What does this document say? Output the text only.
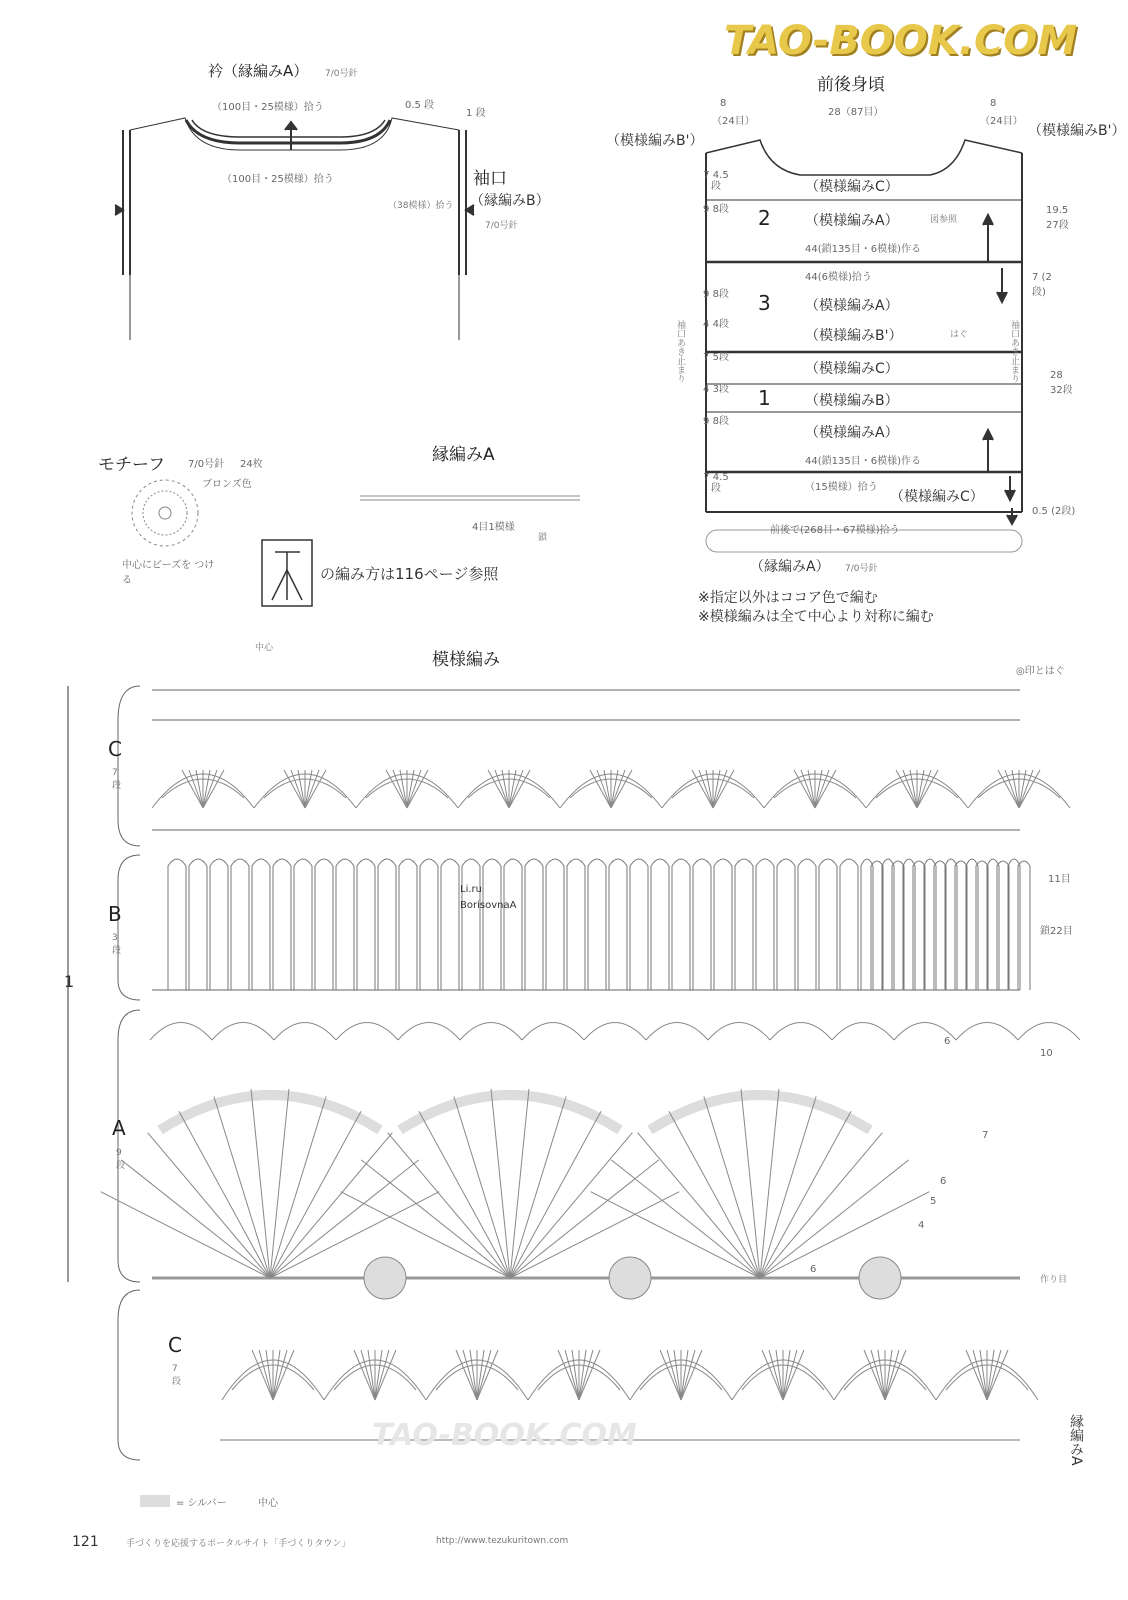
TAO-BOOK.COM
TAO-BOOK.COM
衿（縁編みA） 7/0号針
（100目・25模様）拾う
（100目・25模様）拾う
0.5 段
1 段
袖口
（縁編みB）
7/0号針
（38模様）拾う
前後身頃
8
（24目）
28（87目）
8
（24目）
（模様編みB'）
（模様編みB'）
7 4.5段	（模様編みC）
9 8段
（模様編みA）
2	図参照
44(鎖135目・6模様)作る
44(6模様)拾う
9 8段
（模様編みA）
3
4 4段
（模様編みB'）	はぐ
7 5段
（模様編みC）
4 3段
（模様編みB）
1
9 8段
（模様編みA）
44(鎖135目・6模様)作る
7 4.5段	（15模様）拾う
（模様編みC）
袖口あき止まり	袖口あき止まり
19.5 27段
7 (2段)
28 32段
0.5 (2段)
前後で(268目・67模様)拾う
（縁編みA） 7/0号針
※指定以外はココア色で編む
※模様編みは全て中心より対称に編む
モチーフ 7/0号針 24枚
ブロンズ色
中心にビーズを つける
縁編みA
4目1模様
鎖
の編み方は116ページ参照
模様編み
中心
◎印とはぐ
1
C
7 段
B
3 段
A
9 段
C
7 段
11目
鎖22目
10
作り目
縁編みA
Li.ru
BorisovnaA
6
7
6
5
4
6
= シルバー	中心
121	手づくりを応援するポータルサイト「手づくりタウン」	http://www.tezukuritown.com
